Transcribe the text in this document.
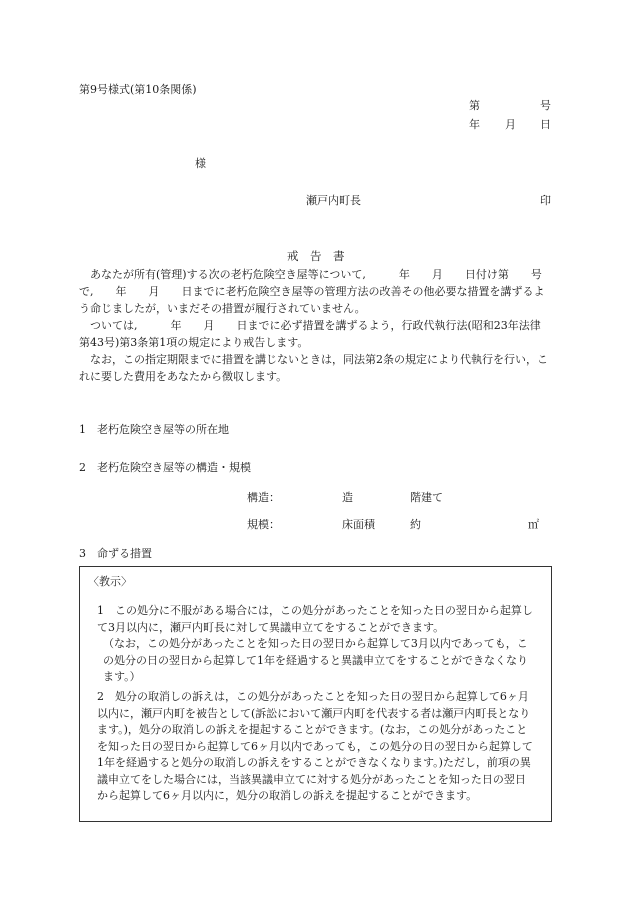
第9号様式(第10条関係)
第	号
年 月 日
様
瀬戸内町長	印
戒　告　書

　あなたが所有(管理)する次の老朽危険空き屋等について,　　　年　　月　　日付け第　　号で,　　年　　月　　日までに老朽危険空き屋等の管理方法の改善その他必要な措置を講ずるよう命じましたが，いまだその措置が履行されていません。

　ついては,　　　年　　月　　日までに必ず措置を講ずるよう，行政代執行法(昭和23年法律第43号)第3条第1項の規定により戒告します。

　なお，この指定期限までに措置を講じないときは，同法第2条の規定により代執行を行い，これに要した費用をあなたから徴収します。

1　老朽危険空き屋等の所在地
2　老朽危険空き屋等の構造・規模
構造：	造	階建て
規模：	床面積	約	㎡
3　命ずる措置
〈教示〉

1　この処分に不服がある場合には，この処分があったことを知った日の翌日から起算して3月以内に，瀬戸内町長に対して異議申立てをすることができます。

（なお，この処分があったことを知った日の翌日から起算して3月以内であっても，この処分の日の翌日から起算して1年を経過すると異議申立てをすることができなくなります。）

2　処分の取消しの訴えは，この処分があったことを知った日の翌日から起算して6ヶ月以内に，瀬戸内町を被告として(訴訟において瀬戸内町を代表する者は瀬戸内町長となります。)，処分の取消しの訴えを提起することができます。(なお，この処分があったことを知った日の翌日から起算して6ヶ月以内であっても，この処分の日の翌日から起算して1年を経過すると処分の取消しの訴えをすることができなくなります。)ただし，前項の異議申立てをした場合には，当該異議申立てに対する処分があったことを知った日の翌日から起算して6ヶ月以内に，処分の取消しの訴えを提起することができます。
